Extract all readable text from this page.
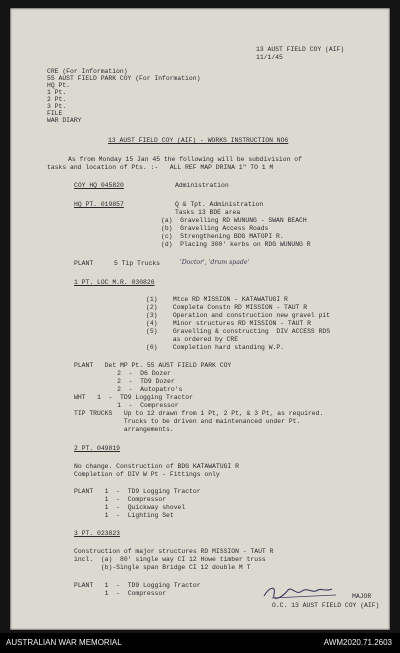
13 AUST FIELD COY (AIF)
11/1/45
CRE (For Information)
55 AUST FIELD PARK COY (For Information)
HQ Pt.
1 Pt.
2 Pt.
3 Pt.
FILE
WAR DIARY
13 AUST FIELD COY (AIF) - WORKS INSTRUCTION NO6
As from Monday 15 Jan 45 the following will be subdivision of
tasks and location of Pts. :-   ALL REF MAP DRINA 1" TO 1 M
COY HQ 045820	Administration
HQ PT. 019857	Q & Tpt. Administration
Tasks 13 BDE area
(a)  Gravelling RD WUNUNG - SWAN BEACH
(b)  Gravelling Access Roads
(c)  Strengthening BDG MATOPI R.
(d)  Placing 300' kerbs on RDG WUNUNG R
PLANT	5 Tip Trucks	'Doctor', 'drum spade'
1 PT. LOC M.R. 030826
(1)    Mtce RD MISSION - KATAWATUGI R
(2)    Complete Constn RD MISSION - TAUT R
(3)    Operation and construction new gravel pit
(4)    Minor structures RD MISSION - TAUT R
(5)    Gravelling & constructing  DIV ACCESS RDS
as ordered by CRE
(6)    Completion hard standing W.P.
PLANT   Det MP Pt. 55 AUST FIELD PARK COY
2  -  D6 Dozer
2  -  TD9 Dozer
2  -  Autopatro's
WHT   1  -  TD9 Logging Tractor
1  -  Compressor
TIP TRUCKS   Up to 12 drawn from 1 Pt, 2 Pt, & 3 Pt, as required.
Trucks to be driven and maintenanced under Pt.
arrangements.
2 PT. 049819
No change. Construction of BDG KATAWATUGI R
Completion of DIV W Pt - Fittings only
PLANT   1  -  TD9 Logging Tractor
1  -  Compressor
1  -  Quickway shovel
1  -  Lighting Set
3 PT. 023823
Construction of major structures RD MISSION - TAUT R
incl.  (a)  80' single way CI 12 Howe timber truss
(b)-Single span Bridge CI 12 double M T
PLANT   1  -  TD9 Logging Tractor
1  -  Compressor	MAJOR
O.C. 13 AUST FIELD COY (AIF)
AUSTRALIAN WAR MEMORIAL	AWM2020.71.2603
